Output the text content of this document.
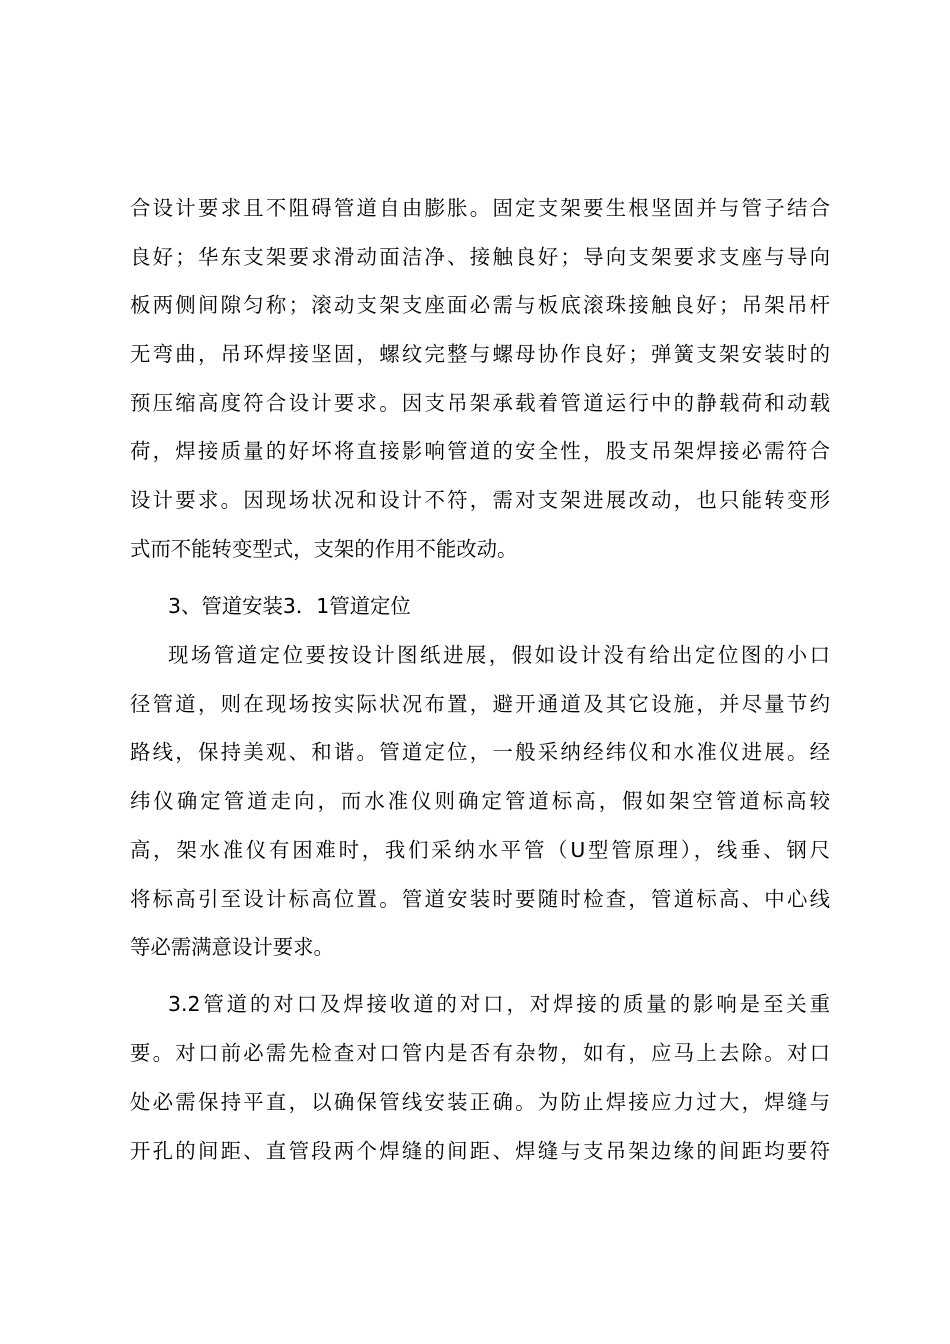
合设计要求且不阻碍管道自由膨胀。固定支架要生根坚固并与管子结合
良好；华东支架要求滑动面洁净、接触良好；导向支架要求支座与导向
板两侧间隙匀称；滚动支架支座面必需与板底滚珠接触良好；吊架吊杆
无弯曲，吊环焊接坚固，螺纹完整与螺母协作良好；弹簧支架安装时的
预压缩高度符合设计要求。因支吊架承载着管道运行中的静载荷和动载
荷，焊接质量的好坏将直接影响管道的安全性，股支吊架焊接必需符合
设计要求。因现场状况和设计不符，需对支架进展改动，也只能转变形
式而不能转变型式，支架的作用不能改动。
3、管道安装3．1管道定位
现场管道定位要按设计图纸进展，假如设计没有给出定位图的小口
径管道，则在现场按实际状况布置，避开通道及其它设施，并尽量节约
路线，保持美观、和谐。管道定位，一般采纳经纬仪和水准仪进展。经
纬仪确定管道走向，而水准仪则确定管道标高，假如架空管道标高较
高，架水准仪有困难时，我们采纳水平管（U型管原理），线垂、钢尺
将标高引至设计标高位置。管道安装时要随时检查，管道标高、中心线
等必需满意设计要求。
3.2管道的对口及焊接收道的对口，对焊接的质量的影响是至关重
要。对口前必需先检查对口管内是否有杂物，如有，应马上去除。对口
处必需保持平直，以确保管线安装正确。为防止焊接应力过大，焊缝与
开孔的间距、直管段两个焊缝的间距、焊缝与支吊架边缘的间距均要符
